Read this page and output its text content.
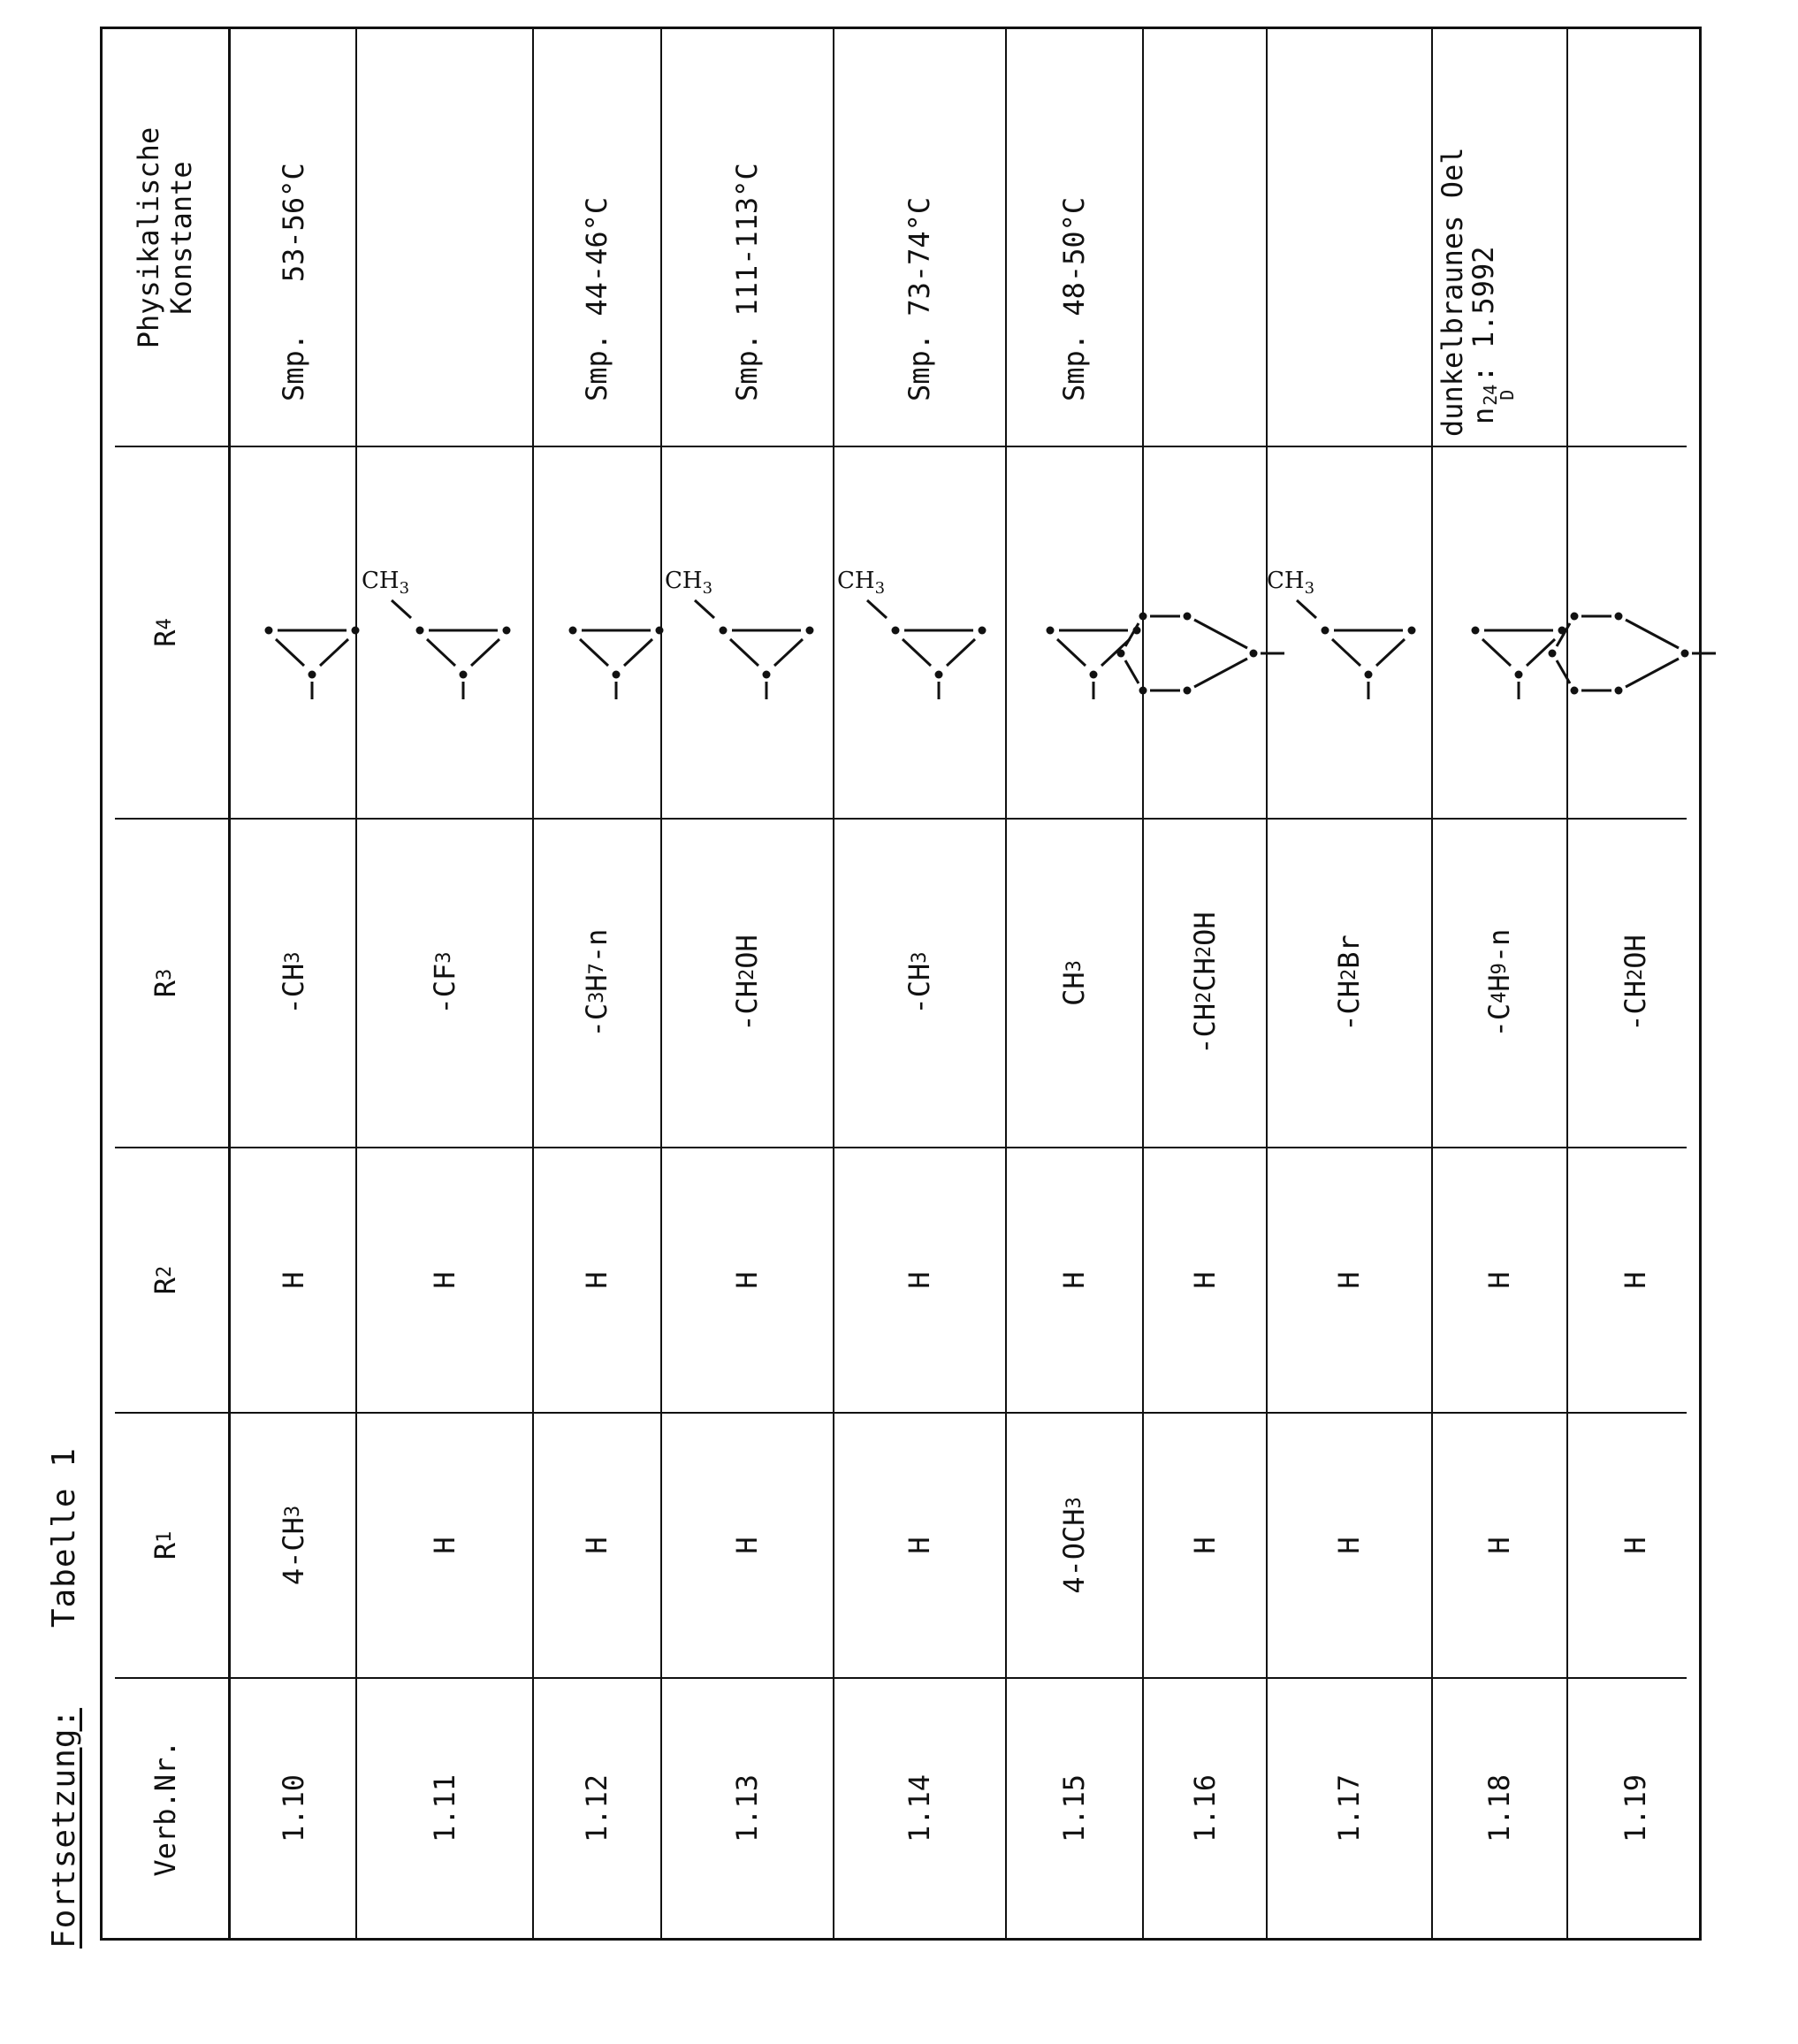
Fortsetzung:    Tabelle 1
Verb.Nr.
R
1
R
2
R
3
R
4
Physikalische
Konstante
1.10
4-CH
3
H
-CH
3
Smp.   53-56°C
1.11
H
H
-CF
3
$CH_3$
1.12
H
H
-C
3
H
7
-n
Smp. 44-46°C
1.13
H
H
-CH
2
OH
$CH_3$
Smp. 111-113°C
1.14
H
H
-CH
3
$CH_3$
Smp. 73-74°C
1.15
4-OCH
3
H
CH
3
Smp. 48-50°C
1.16
H
H
-CH
2
CH
2
OH
1.17
H
H
-CH
2
Br
$CH_3$
1.18
H
H
-C
4
H
9
-n
dunkelbraunes Oel
n
24
D
: 1.5992
1.19
H
H
-CH
2
OH
